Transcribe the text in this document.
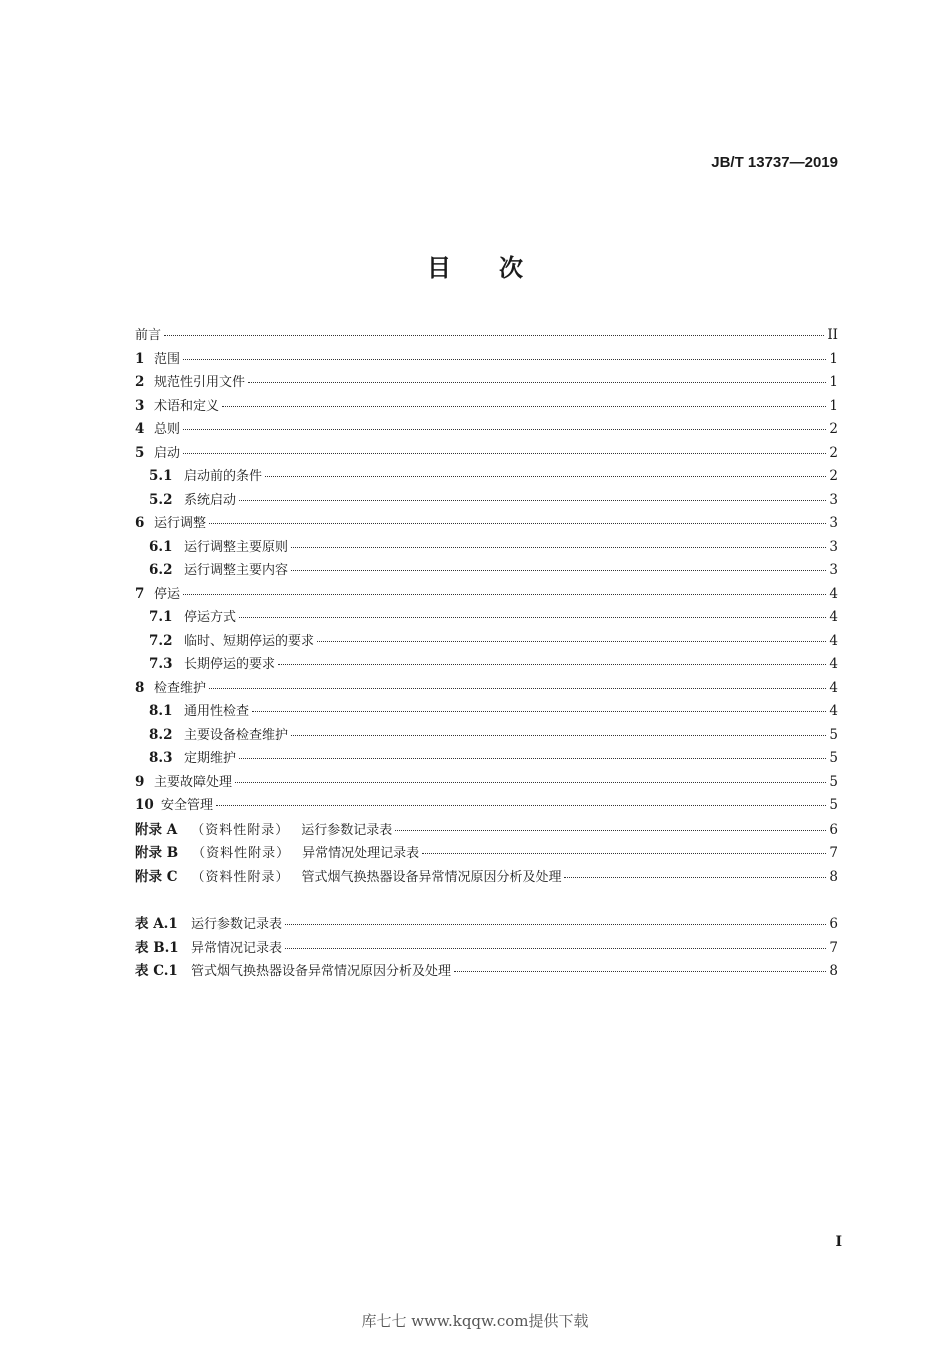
JB/T 13737—2019
目 次
前言	II
1 范围	1
2 规范性引用文件	1
3 术语和定义	1
4 总则	2
5 启动	2
5.1 启动前的条件	2
5.2 系统启动	3
6 运行调整	3
6.1 运行调整主要原则	3
6.2 运行调整主要内容	3
7 停运	4
7.1 停运方式	4
7.2 临时、短期停运的要求	4
7.3 长期停运的要求	4
8 检查维护	4
8.1 通用性检查	4
8.2 主要设备检查维护	5
8.3 定期维护	5
9 主要故障处理	5
10 安全管理	5
附录 A （资料性附录） 运行参数记录表	6
附录 B （资料性附录） 异常情况处理记录表	7
附录 C （资料性附录） 管式烟气换热器设备异常情况原因分析及处理	8
表 A.1	运行参数记录表	6
表 B.1 异常情况记录表	7
表 C.1	管式烟气换热器设备异常情况原因分析及处理	8
I
库七七 www.kqqw.com提供下载
